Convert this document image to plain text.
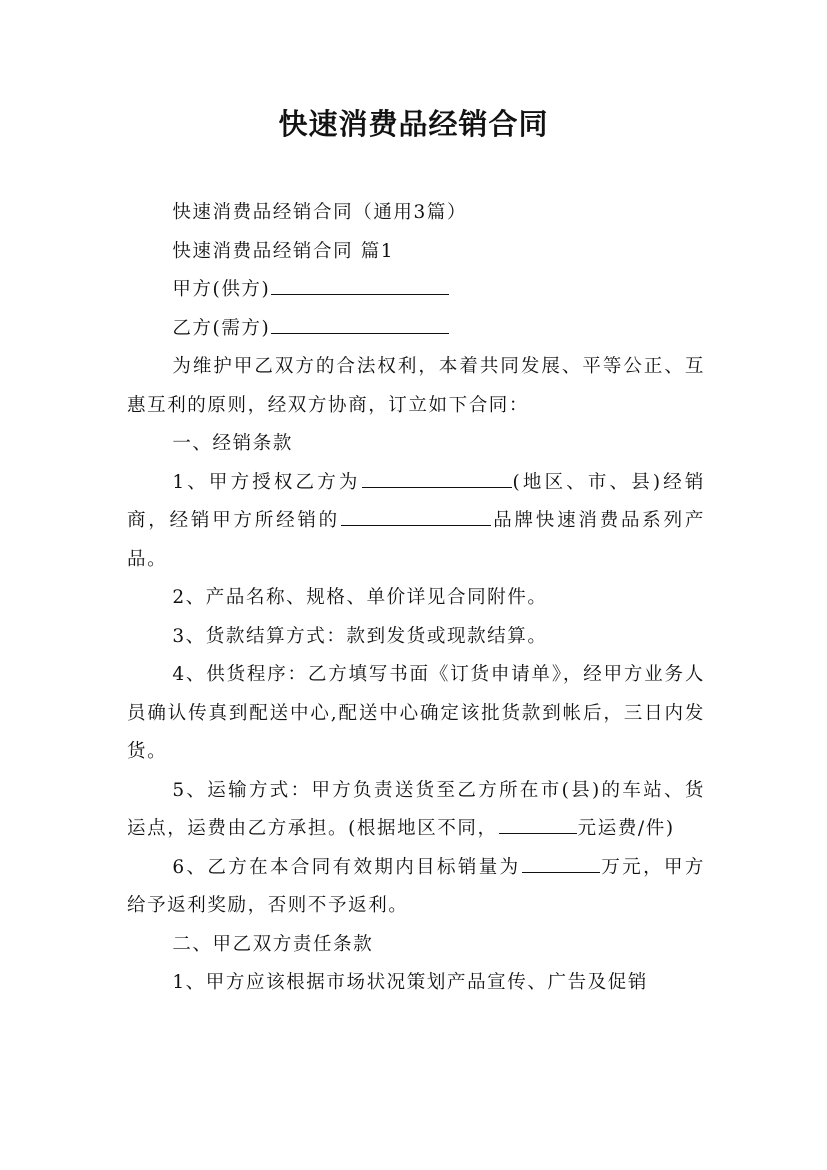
快速消费品经销合同

快速消费品经销合同（通用3篇）

快速消费品经销合同 篇1

甲方(供方)

乙方(需方)

为维护甲乙双方的合法权利，本着共同发展、平等公正、互惠互利的原则，经双方协商，订立如下合同：

一、经销条款

1、甲方授权乙方为	(地区、市、县)经销商，经销甲方所经销的	品牌快速消费品系列产品。

2、产品名称、规格、单价详见合同附件。

3、货款结算方式：款到发货或现款结算。

4、供货程序：乙方填写书面《订货申请单》，经甲方业务人员确认传真到配送中心,配送中心确定该批货款到帐后，三日内发货。

5、运输方式：甲方负责送货至乙方所在市(县)的车站、货运点，运费由乙方承担。(根据地区不同，	元运费/件)

6、乙方在本合同有效期内目标销量为	万元，甲方给予返利奖励，否则不予返利。

二、甲乙双方责任条款

1、甲方应该根据市场状况策划产品宣传、广告及促销
